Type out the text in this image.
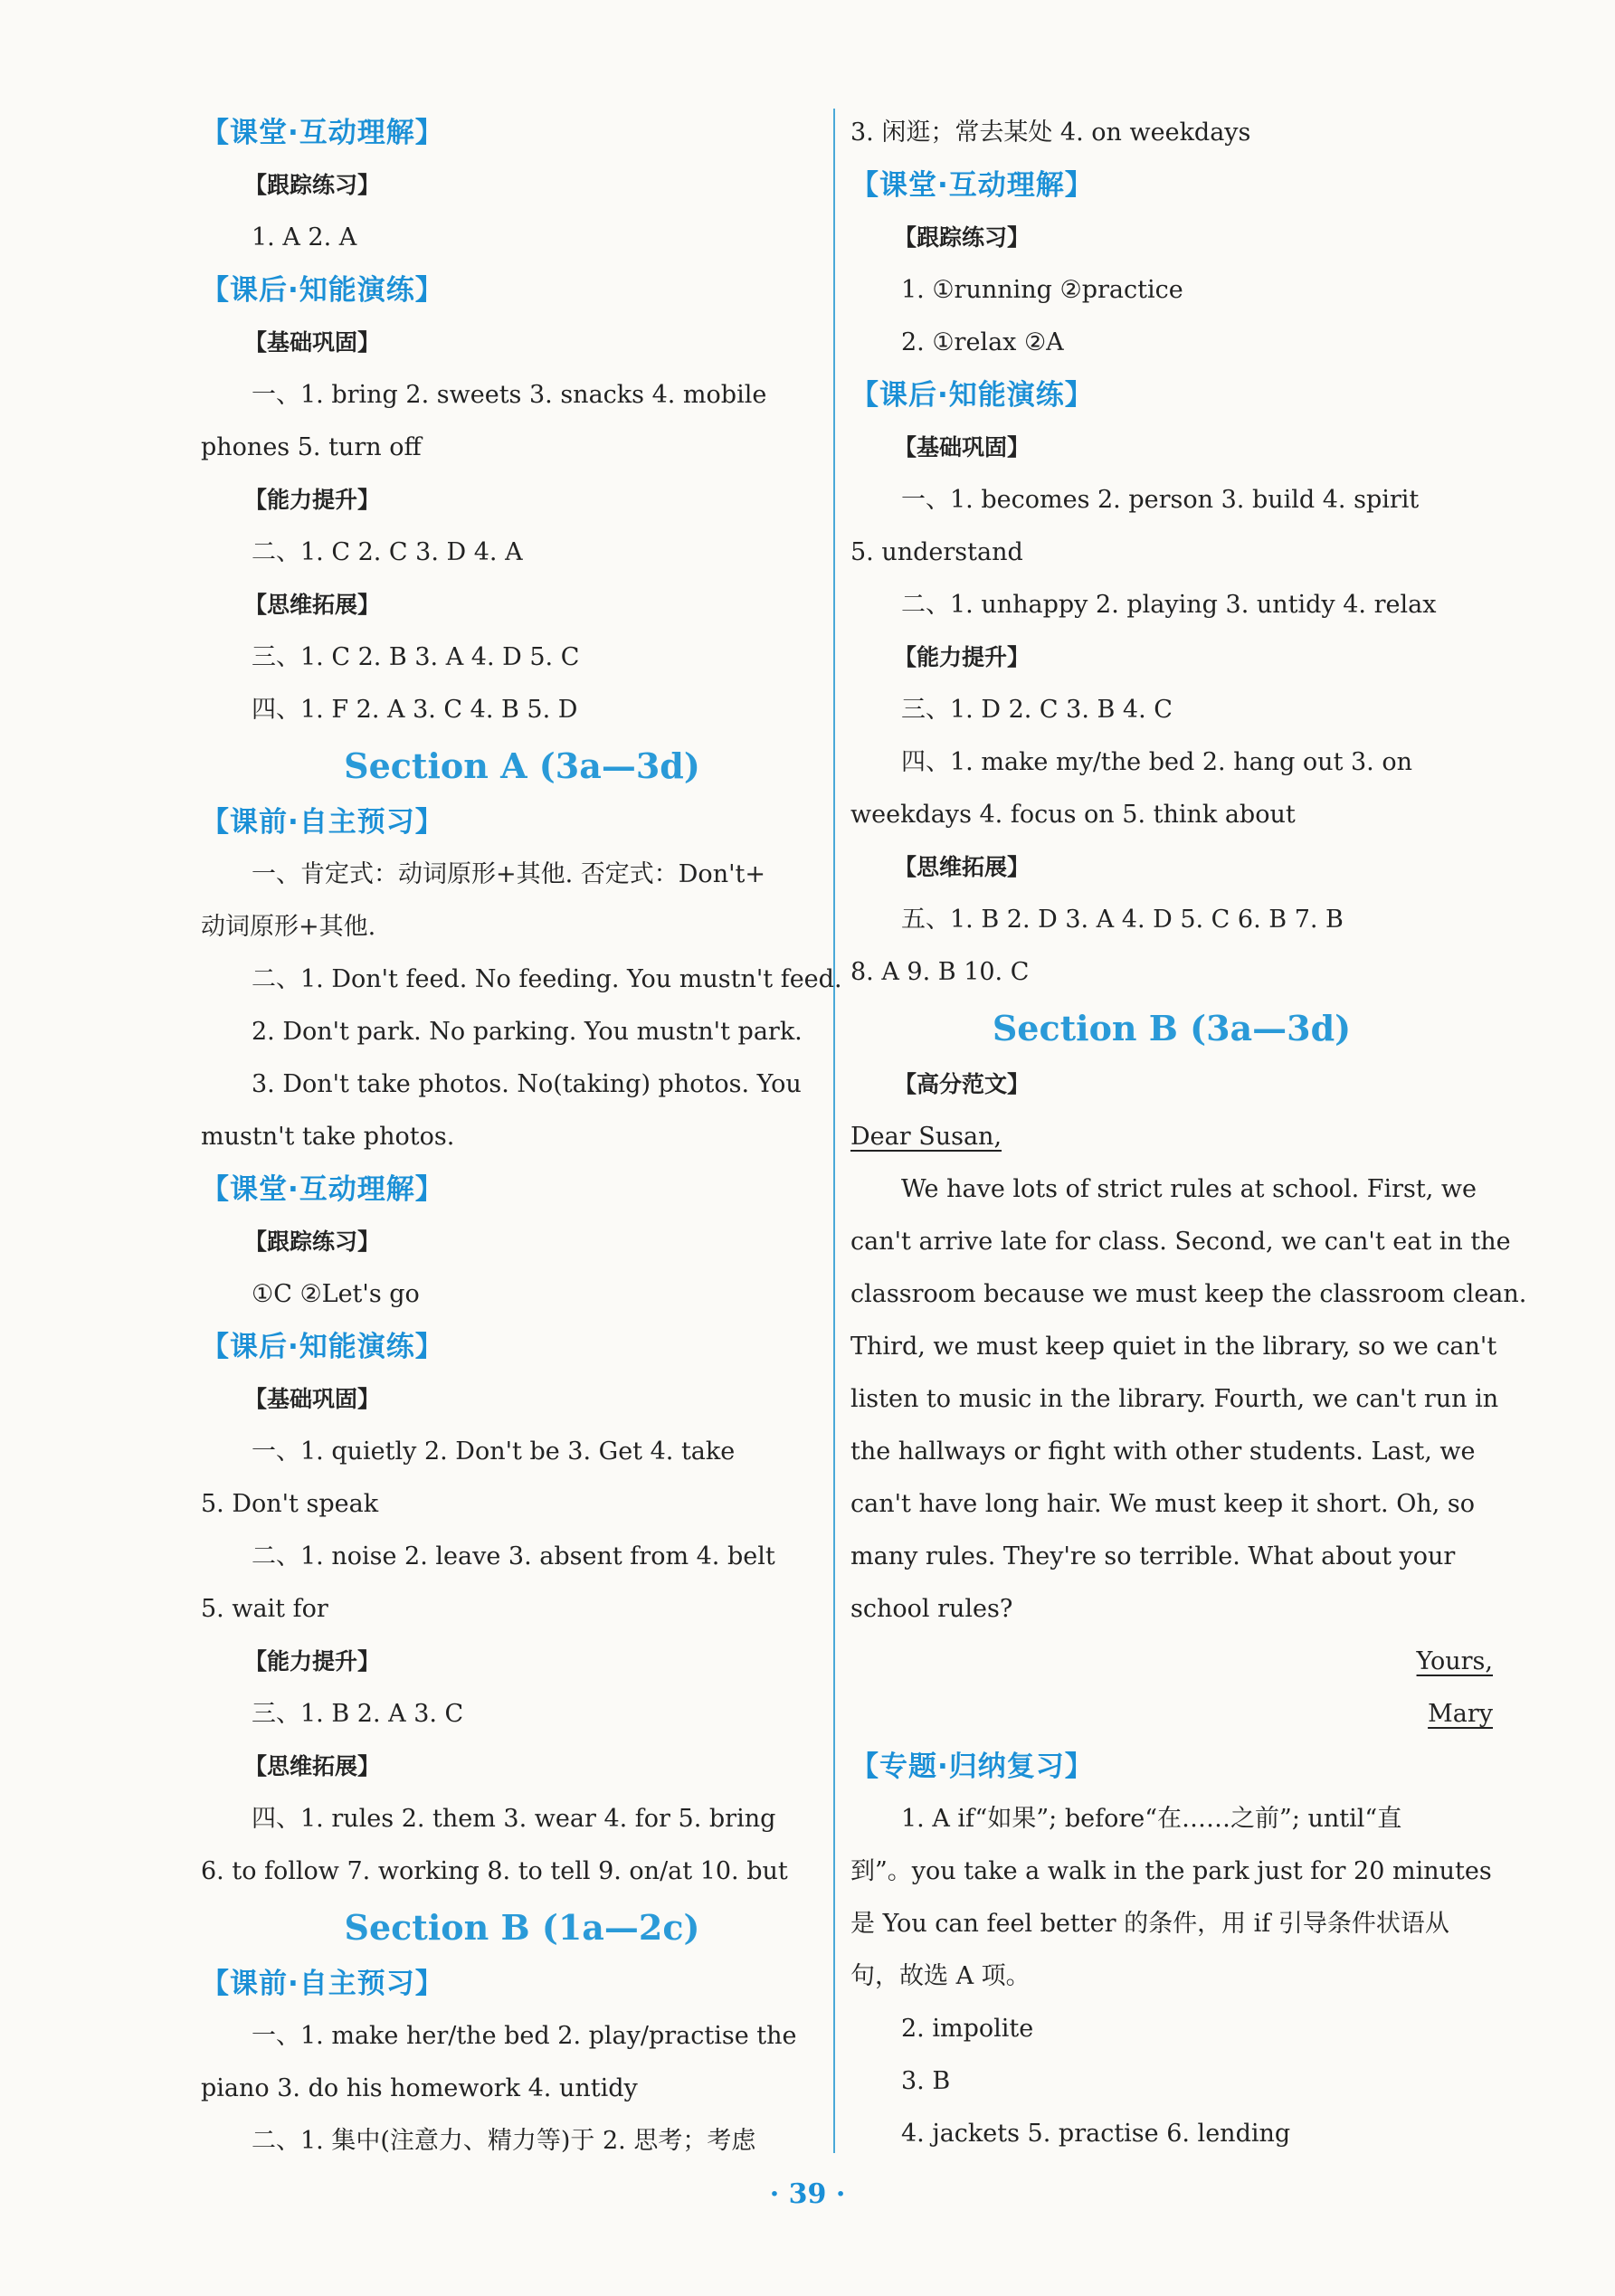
【课堂·互动理解】
【跟踪练习】
1. A 2. A
【课后·知能演练】
【基础巩固】
一、1. bring 2. sweets 3. snacks 4. mobile
phones 5. turn off
【能力提升】
二、1. C 2. C 3. D 4. A
【思维拓展】
三、1. C 2. B 3. A 4. D 5. C
四、1. F 2. A 3. C 4. B 5. D
Section A (3a—3d)
【课前·自主预习】
一、肯定式：动词原形+其他. 否定式：Don't+
动词原形+其他.
二、1. Don't feed. No feeding. You mustn't feed.
2. Don't park. No parking. You mustn't park.
3. Don't take photos. No(taking) photos. You
mustn't take photos.
【课堂·互动理解】
【跟踪练习】
①C ②Let's go
【课后·知能演练】
【基础巩固】
一、1. quietly 2. Don't be 3. Get 4. take
5. Don't speak
二、1. noise 2. leave 3. absent from 4. belt
5. wait for
【能力提升】
三、1. B 2. A 3. C
【思维拓展】
四、1. rules 2. them 3. wear 4. for 5. bring
6. to follow 7. working 8. to tell 9. on/at 10. but
Section B (1a—2c)
【课前·自主预习】
一、1. make her/the bed 2. play/practise the
piano 3. do his homework 4. untidy
二、1. 集中(注意力、精力等)于 2. 思考；考虑
3. 闲逛；常去某处 4. on weekdays
【课堂·互动理解】
【跟踪练习】
1. ①running ②practice
2. ①relax ②A
【课后·知能演练】
【基础巩固】
一、1. becomes 2. person 3. build 4. spirit
5. understand
二、1. unhappy 2. playing 3. untidy 4. relax
【能力提升】
三、1. D 2. C 3. B 4. C
四、1. make my/the bed 2. hang out 3. on
weekdays 4. focus on 5. think about
【思维拓展】
五、1. B 2. D 3. A 4. D 5. C 6. B 7. B
8. A 9. B 10. C
Section B (3a—3d)
【高分范文】
Dear Susan,
We have lots of strict rules at school. First, we
can't arrive late for class. Second, we can't eat in the
classroom because we must keep the classroom clean.
Third, we must keep quiet in the library, so we can't
listen to music in the library. Fourth, we can't run in
the hallways or fight with other students. Last, we
can't have long hair. We must keep it short. Oh, so
many rules. They're so terrible. What about your
school rules?
Yours,
Mary
【专题·归纳复习】
1. A if“如果”; before“在……之前”; until“直
到”。you take a walk in the park just for 20 minutes
是 You can feel better 的条件，用 if 引导条件状语从
句，故选 A 项。
2. impolite
3. B
4. jackets 5. practise 6. lending
· 39 ·
